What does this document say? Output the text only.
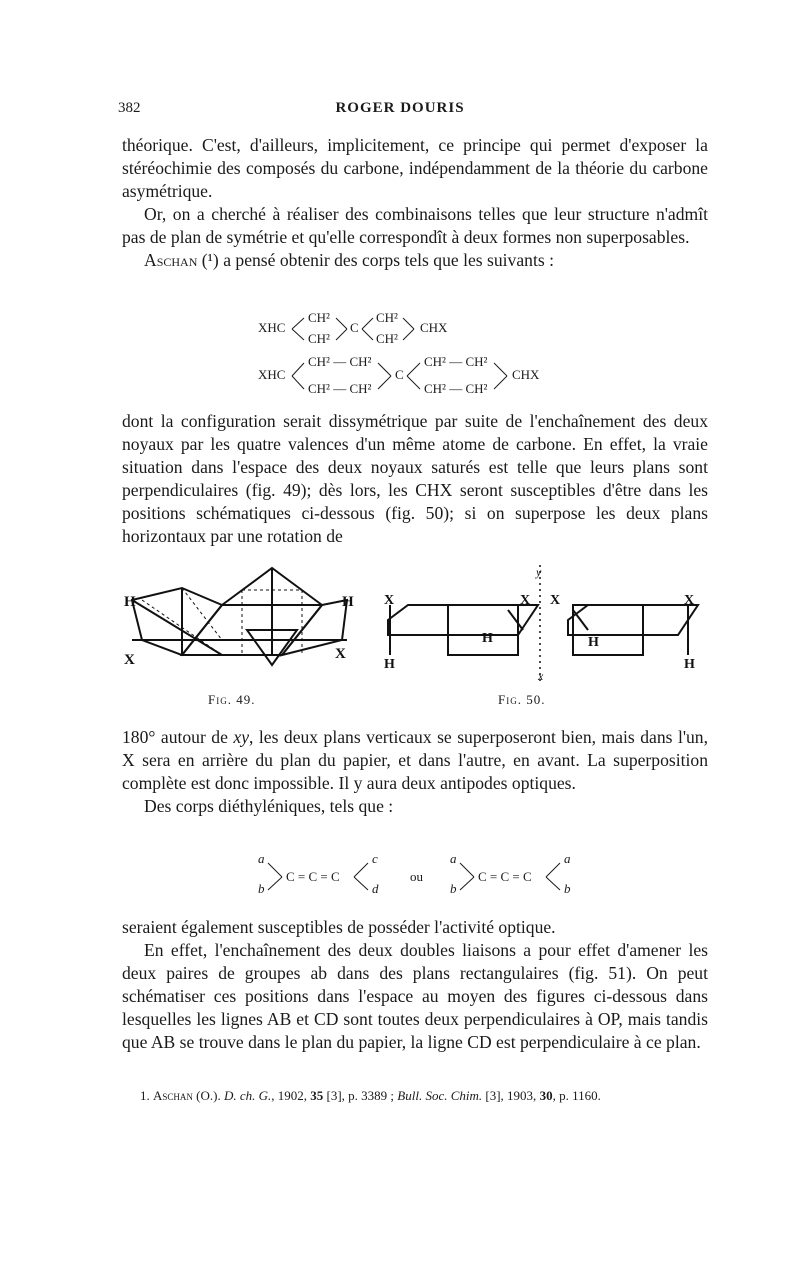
382	ROGER DOURIS

théorique. C'est, d'ailleurs, implicitement, ce principe qui permet d'exposer la stéréochimie des composés du carbone, indépendamment de la théorie du carbone asymétrique.

Or, on a cherché à réaliser des combinaisons telles que leur structure n'admît pas de plan de symétrie et qu'elle correspondît à deux formes non superposables.

Aschan (¹) a pensé obtenir des corps tels que les suivants :

XHC
CH²
CH²
C
CH²
CH²
CHX
XHC
CH² — CH²
CH² — CH²
C
CH² — CH²
CH² — CH²
CHX

dont la configuration serait dissymétrique par suite de l'enchaînement des deux noyaux par les quatre valences d'un même atome de carbone. En effet, la vraie situation dans l'espace des deux noyaux saturés est telle que leurs plans sont perpendiculaires (fig. 49); dès lors, les CHX seront susceptibles d'être dans les positions schématiques ci-dessous (fig. 50); si on superpose les deux plans horizontaux par une rotation de

H
X
H
X
X
H
H
X X
H
X
H
y
x
Fig. 49.	Fig. 50.

180° autour de xy, les deux plans verticaux se superposeront bien, mais dans l'un, X sera en arrière du plan du papier, et dans l'autre, en avant. La superposition complète est donc impossible. Il y aura deux antipodes optiques.

Des corps diéthyléniques, tels que :

a
b
C = C = C
c
d
ou
a
b
C = C = C
a
b

seraient également susceptibles de posséder l'activité optique.

En effet, l'enchaînement des deux doubles liaisons a pour effet d'amener les deux paires de groupes ab dans des plans rectangulaires (fig. 51). On peut schématiser ces positions dans l'espace au moyen des figures ci-dessous dans lesquelles les lignes AB et CD sont toutes deux perpendiculaires à OP, mais tandis que AB se trouve dans le plan du papier, la ligne CD est perpendiculaire à ce plan.

1. Aschan (O.). D. ch. G., 1902, 35 [3], p. 3389 ; Bull. Soc. Chim. [3], 1903, 30, p. 1160.
